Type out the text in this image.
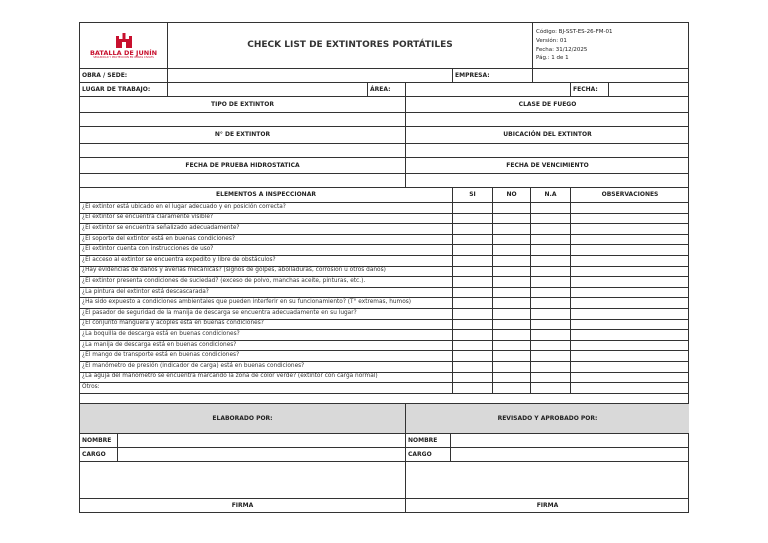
BATALLA DE JUNÍN
SEGURIDAD Y PROTECCIÓN EN OBRAS CIVILES
CHECK LIST DE EXTINTORES PORTÁTILES
Código: BJ-SST-ES-26-FM-01
Versión: 01
Fecha: 31/12/2025
Pág.: 1 de 1
OBRA / SEDE:	EMPRESA:
LUGAR DE TRABAJO:	ÁREA:	FECHA:
TIPO DE EXTINTOR	CLASE DE FUEGO
N° DE EXTINTOR	UBICACIÓN DEL EXTINTOR
FECHA DE PRUEBA HIDROSTATICA	FECHA DE VENCIMIENTO
ELEMENTOS A INSPECCIONAR	SI	NO	N.A	OBSERVACIONES
¿El extintor está ubicado en el lugar adecuado y en posición correcta?
¿El extintor se encuentra claramente visible?
¿El extintor se encuentra señalizado adecuadamente?
¿El soporte del extintor está en buenas condiciones?
¿El extintor cuenta con instrucciones de uso?
¿El acceso al extintor se encuentra expedito y libre de obstáculos?
¿Hay evidencias de daños y averías mecánicas? (signos de golpes, abolladuras, corrosión u otros daños)
¿El extintor presenta condiciones de suciedad? (exceso de polvo, manchas aceite, pinturas, etc.).
¿La pintura del extintor está descascarada?
¿Ha sido expuesto a condiciones ambientales que pueden interferir en su funcionamiento? (T° extremas, humos)
¿El pasador de seguridad de la manija de descarga se encuentra adecuadamente en su lugar?
¿El conjunto manguera y acoples está en buenas condiciones?
¿La boquilla de descarga está en buenas condiciones?
¿La manija de descarga está en buenas condiciones?
¿El mango de transporte está en buenas condiciones?
¿El manómetro de presión (indicador de carga) está en buenas condiciones?
¿La aguja del manómetro se encuentra marcando la zona de color verde? (extintor con carga normal)
Otros:
ELABORADO POR:	REVISADO Y APROBADO POR:
NOMBRE	NOMBRE
CARGO	CARGO
FIRMA	FIRMA
